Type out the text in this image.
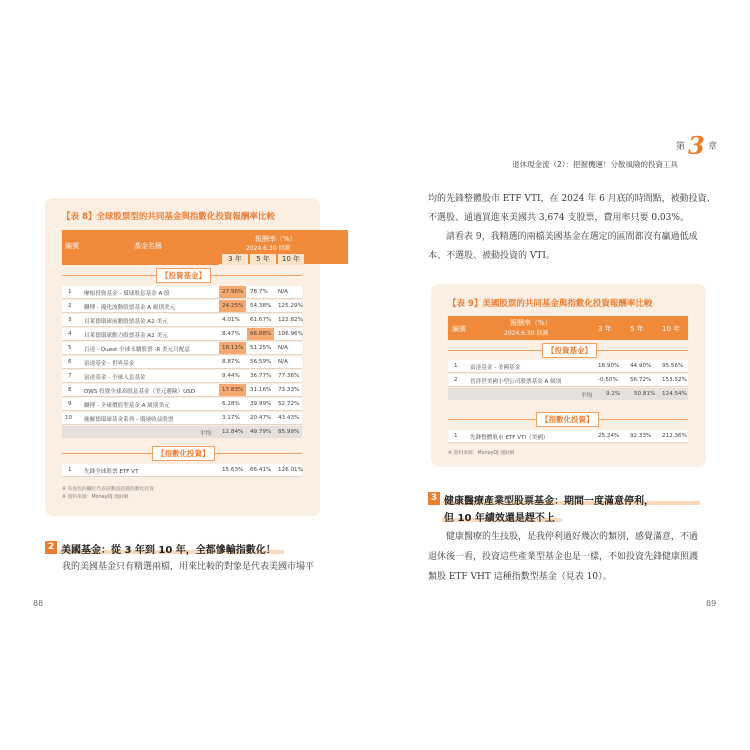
第 3 章
退休現金流（2）：把握機運！分散風險的投資工具
【表 8】全球股票型的共同基金與指數化投資報酬率比較
編號	基金名稱
報酬率（%）
2024.6.30 回測
3 年	5 年	10 年
【投資基金】
1 摩根投資基金 - 環球股息基金 A 股	27.96% 78.7% N/A
2 聯博 - 優化波動股票基金 A 級別美元	24.25% 54.38% 125.29%
3 貝萊德環球前瞻股票基金 A2 美元	4.01% 61.67% 122.82%
4 貝萊德環球動力股票基金 A2 美元	8.47% 66.88% 106.96%
5 百達 - Quest 全球永續股票 -R 美元月配息	18.11% 51.25% N/A
6 富達基金 - 世界基金	8.87% 56.59% N/A
7 富達基金 - 全球入息基金	9.44% 36.77% 77.36%
8 DWS 投資全球高股息基金（美元避險）USD	17.83% 31.16% 73.33%
9 聯博 - 全球價值型基金 A 級別美元	6.28% 39.99% 52.72%
10 施羅德環球基金系列 - 環球收益股票	3.17% 20.47% 43.43%
平均 12.84% 49.79% 85.99%
【指數化投資】
1 先鋒全球股票 ETF VT	15.63% 66.41% 126.01%
※ 有底色的欄位代表該數值超越指數化投資
※ 資料來源：MoneyDJ 理財網
2 美國基金：從 3 年到 10 年，全都慘輸指數化！
我的美國基金只有精選兩檔，用來比較的對象是代表美國市場平
88
均的先鋒整體股市 ETF VTI，在 2024 年 6 月底的時間點，被動投資、
不選股、通過買進來美國共 3,674 支股票，費用率只要 0.03%。
　　請看表 9，我精選的兩檔美國基金在選定的區間都沒有贏過低成
本、不選股、被動投資的 VTI。
【表 9】美國股票的共同基金與指數化投資報酬率比較
編號
報酬率（%）
2024.6.30 回測
3 年	5 年	10 年
【投資基金】
1 富達基金 - 美國基金	18.90% 44.90% 95.56%
2 晉祥世美國小型公司股票基金 A 級別	-0.50% 56.72% 153.52%
平均 9.2% 50.81% 124.54%
【指數化投資】
1 先鋒整體股市 ETF VTI（美國）	25.24% 92.33% 212.36%
※ 資料來源：MoneyDJ 理財網
3 健康醫療產業型股票基金：期間一度滿意停利，
但 10 年績效還是趕不上
　　健康醫療的生技股，是我停利過好幾次的類別，感覺滿意，不過
退休後一看，投資這些產業型基金也是一樣，不如投資先鋒健康照護
類股 ETF VHT 這種指數型基金（見表 10）。
89
